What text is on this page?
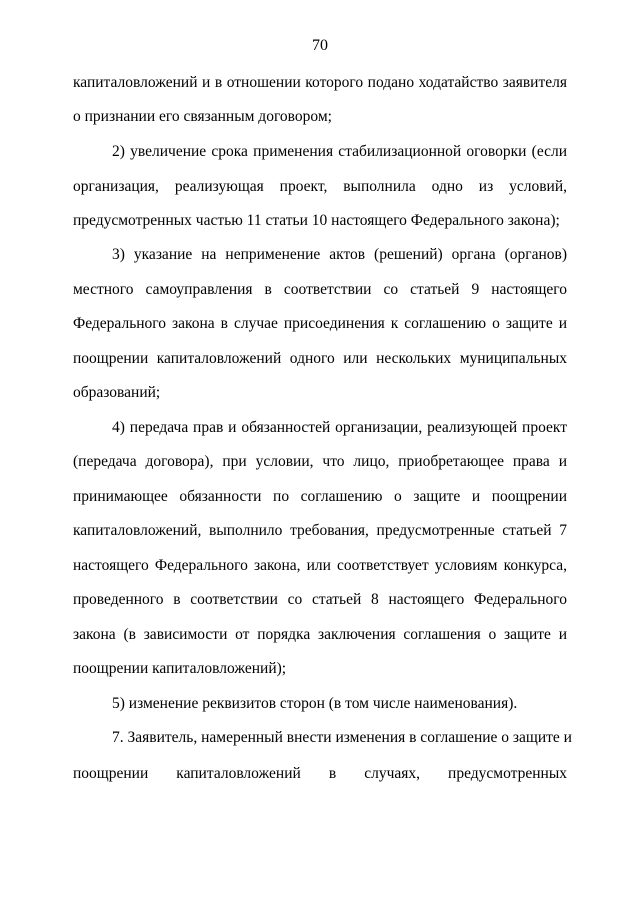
70
капиталовложений и в отношении которого подано ходатайство заявителя
о признании его связанным договором;
2) увеличение срока применения стабилизационной оговорки (если
организация, реализующая проект, выполнила одно из условий,
предусмотренных частью 11 статьи 10 настоящего Федерального закона);
3) указание на неприменение актов (решений) органа (органов)
местного самоуправления в соответствии со статьей 9 настоящего
Федерального закона в случае присоединения к соглашению о защите и
поощрении капиталовложений одного или нескольких муниципальных
образований;
4) передача прав и обязанностей организации, реализующей проект
(передача договора), при условии, что лицо, приобретающее права и
принимающее обязанности по соглашению о защите и поощрении
капиталовложений, выполнило требования, предусмотренные статьей 7
настоящего Федерального закона, или соответствует условиям конкурса,
проведенного в соответствии со статьей 8 настоящего Федерального
закона (в зависимости от порядка заключения соглашения о защите и
поощрении капиталовложений);
5) изменение реквизитов сторон (в том числе наименования).
7. Заявитель, намеренный внести изменения в соглашение о защите и
поощрении капиталовложений в случаях, предусмотренных
